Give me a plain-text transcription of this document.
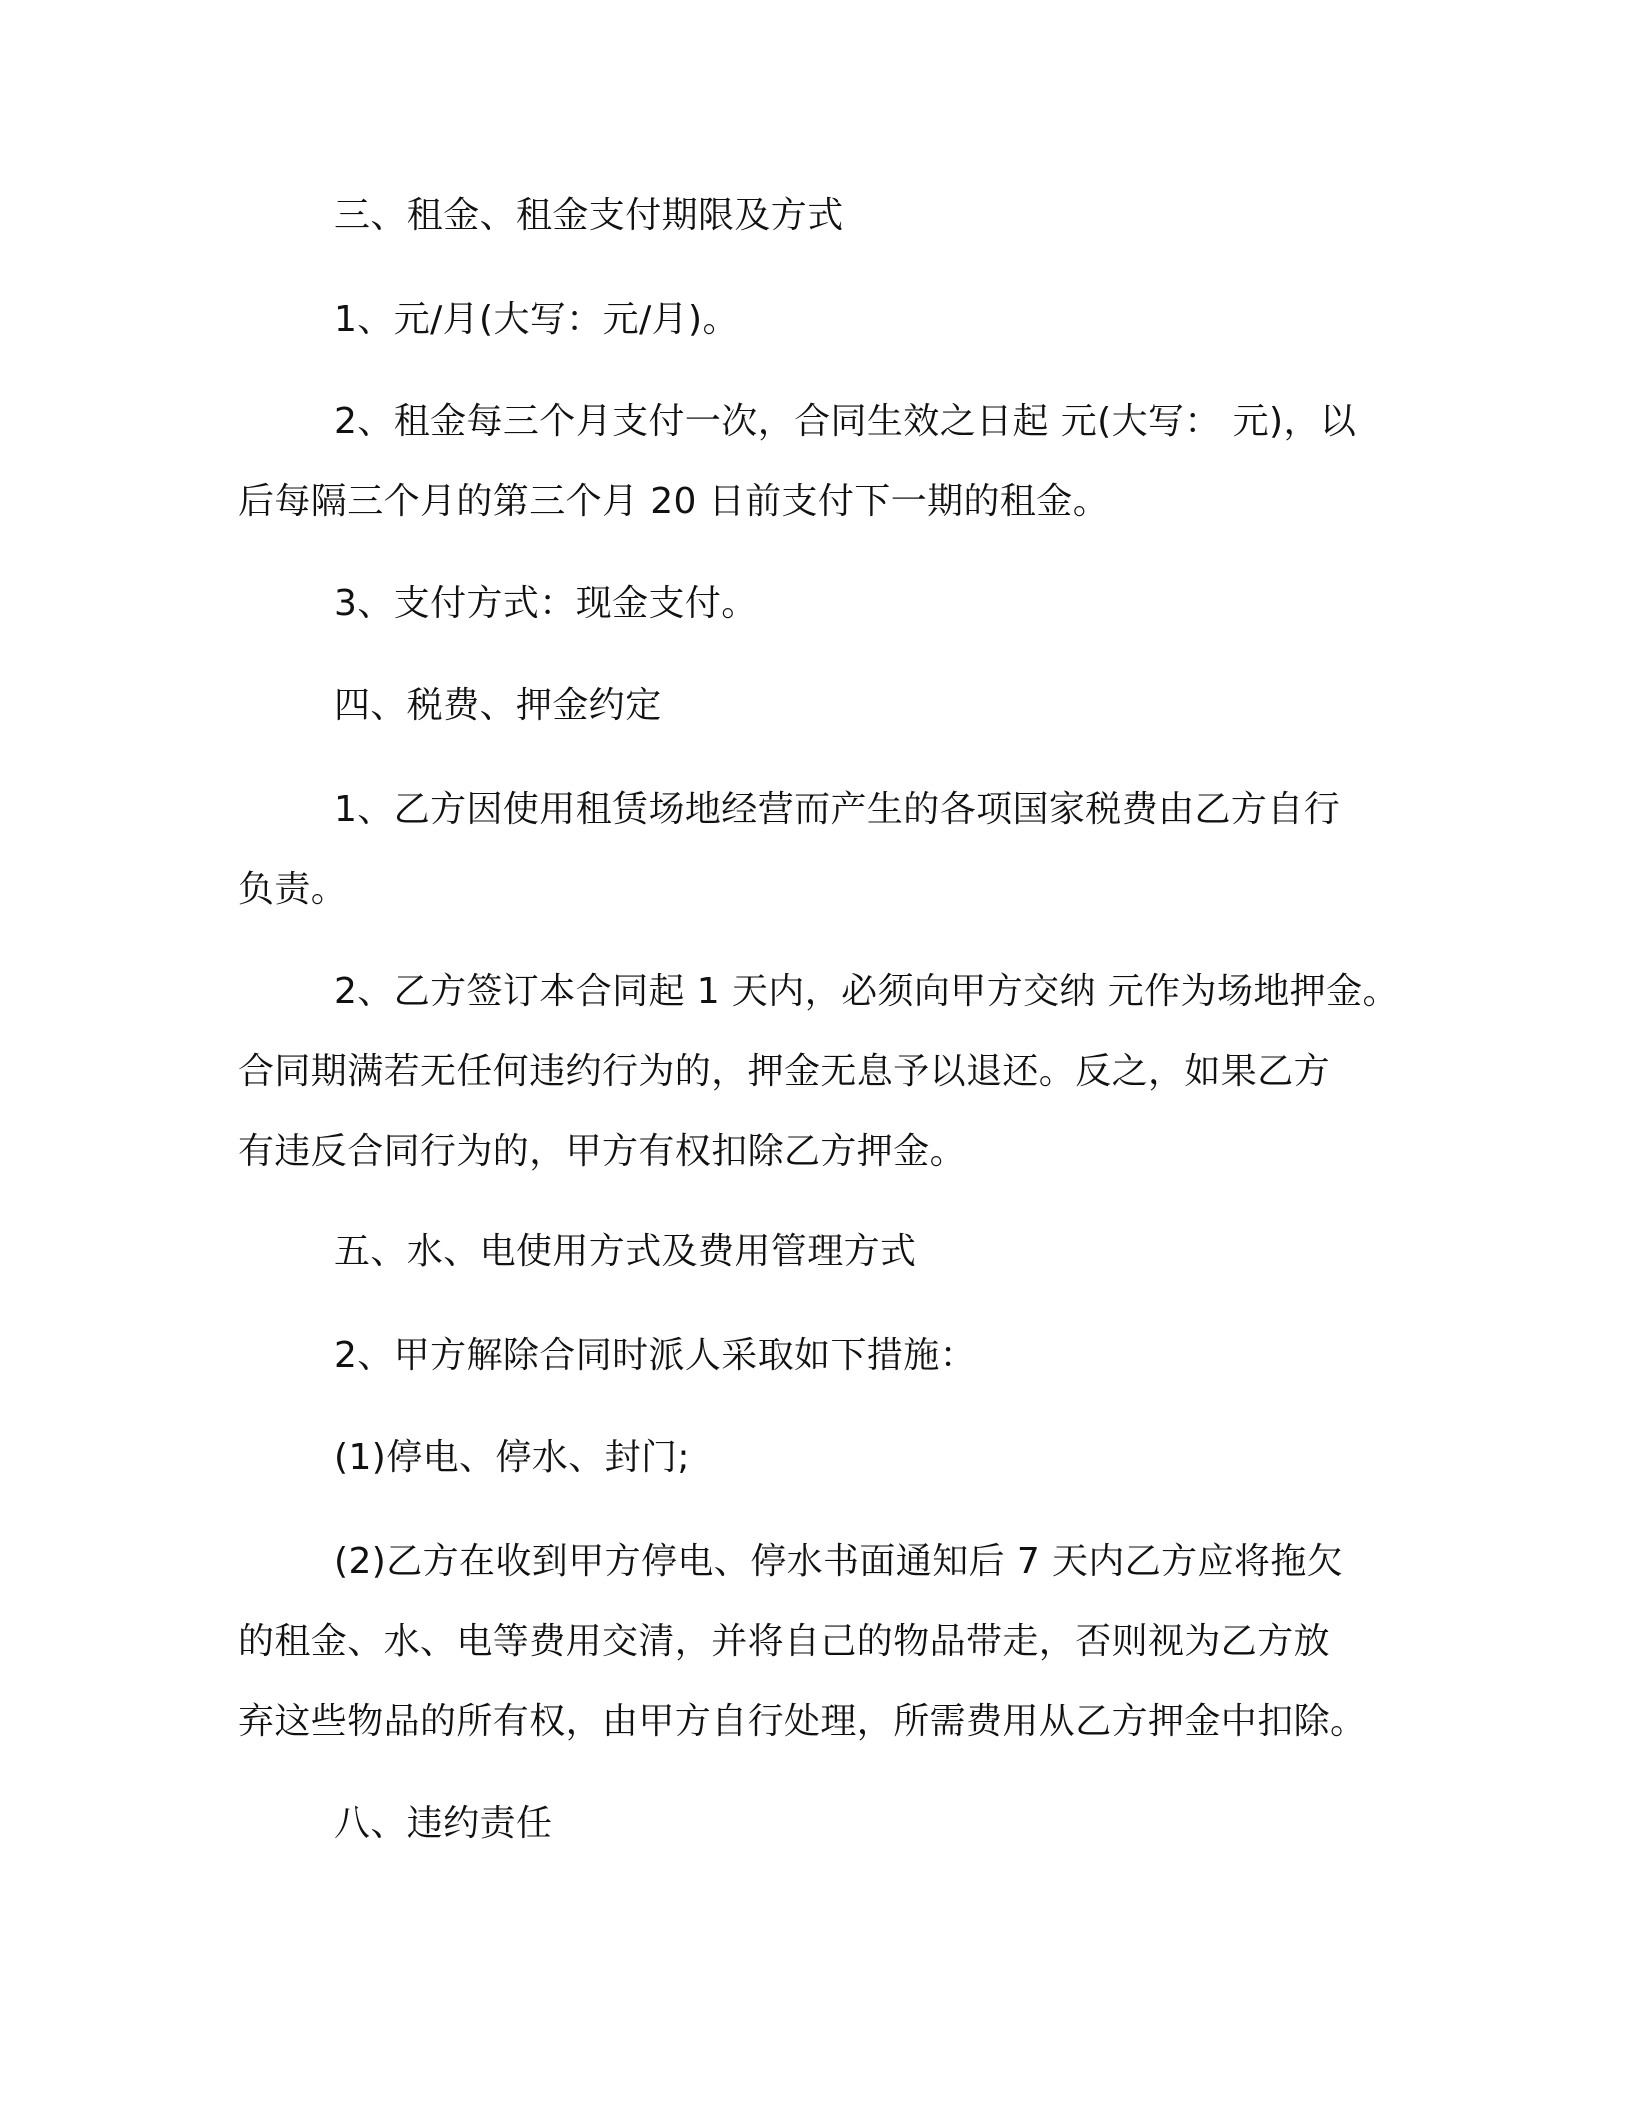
三、租金、租金支付期限及方式
1、元/月(大写：元/月)。
2、租金每三个月支付一次，合同生效之日起 元(大写： 元)，以
后每隔三个月的第三个月 20 日前支付下一期的租金。
3、支付方式：现金支付。
四、税费、押金约定
1、乙方因使用租赁场地经营而产生的各项国家税费由乙方自行
负责。
2、乙方签订本合同起 1 天内，必须向甲方交纳 元作为场地押金。
合同期满若无任何违约行为的，押金无息予以退还。反之，如果乙方
有违反合同行为的，甲方有权扣除乙方押金。
五、水、电使用方式及费用管理方式
2、甲方解除合同时派人采取如下措施：
(1)停电、停水、封门;
(2)乙方在收到甲方停电、停水书面通知后 7 天内乙方应将拖欠
的租金、水、电等费用交清，并将自己的物品带走，否则视为乙方放
弃这些物品的所有权，由甲方自行处理，所需费用从乙方押金中扣除。
八、违约责任
